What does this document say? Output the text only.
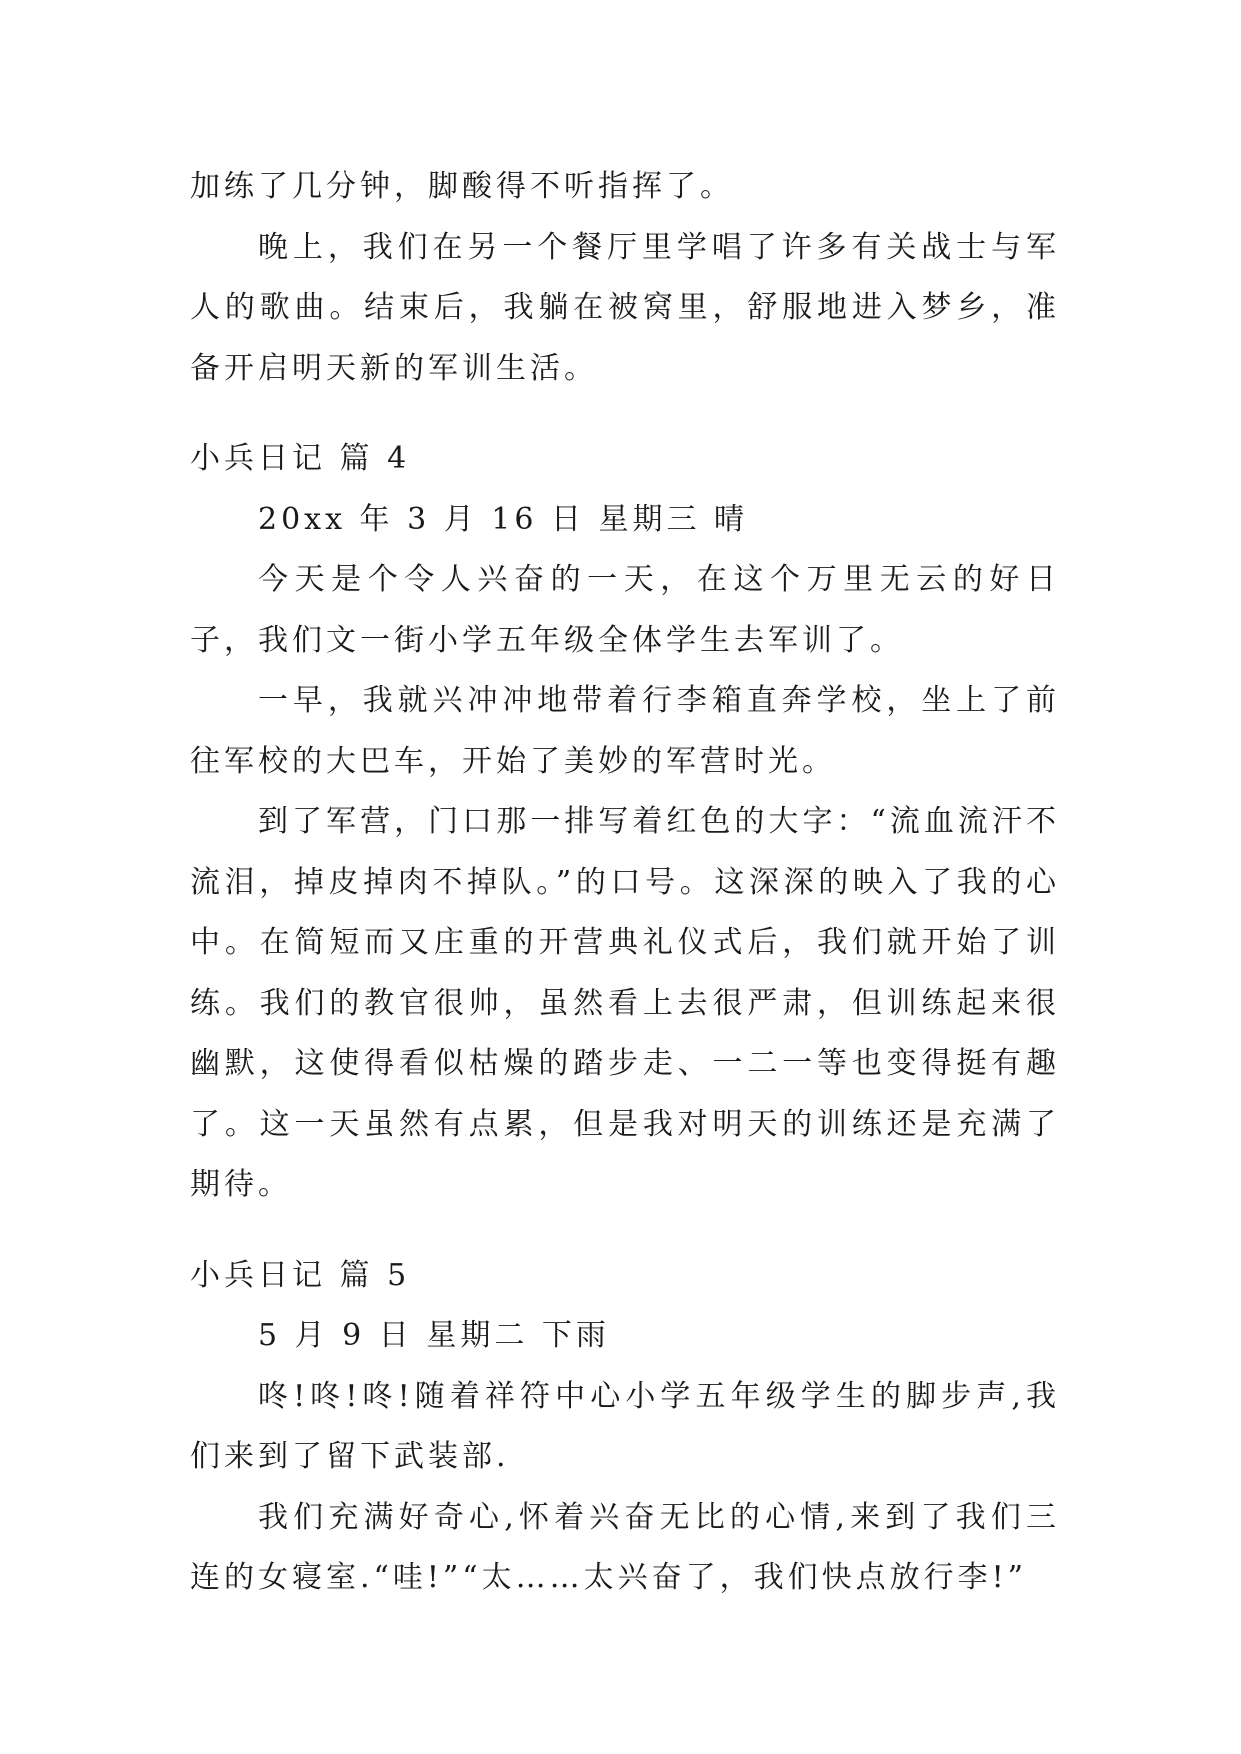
加练了几分钟，脚酸得不听指挥了。

晚上，我们在另一个餐厅里学唱了许多有关战士与军人的歌曲。结束后，我躺在被窝里，舒服地进入梦乡，准备开启明天新的军训生活。

小兵日记 篇 4

20xx 年 3 月 16 日 星期三 晴

今天是个令人兴奋的一天，在这个万里无云的好日子，我们文一街小学五年级全体学生去军训了。

一早，我就兴冲冲地带着行李箱直奔学校，坐上了前往军校的大巴车，开始了美妙的军营时光。

到了军营，门口那一排写着红色的大字：“流血流汗不流泪，掉皮掉肉不掉队。”的口号。这深深的映入了我的心中。在简短而又庄重的开营典礼仪式后，我们就开始了训练。我们的教官很帅，虽然看上去很严肃，但训练起来很幽默，这使得看似枯燥的踏步走、一二一等也变得挺有趣了。这一天虽然有点累，但是我对明天的训练还是充满了期待。

小兵日记 篇 5

5 月 9 日 星期二 下雨

咚!咚!咚!随着祥符中心小学五年级学生的脚步声,我们来到了留下武装部.

我们充满好奇心,怀着兴奋无比的心情,来到了我们三连的女寝室.“哇!”“太……太兴奋了，我们快点放行李!”
